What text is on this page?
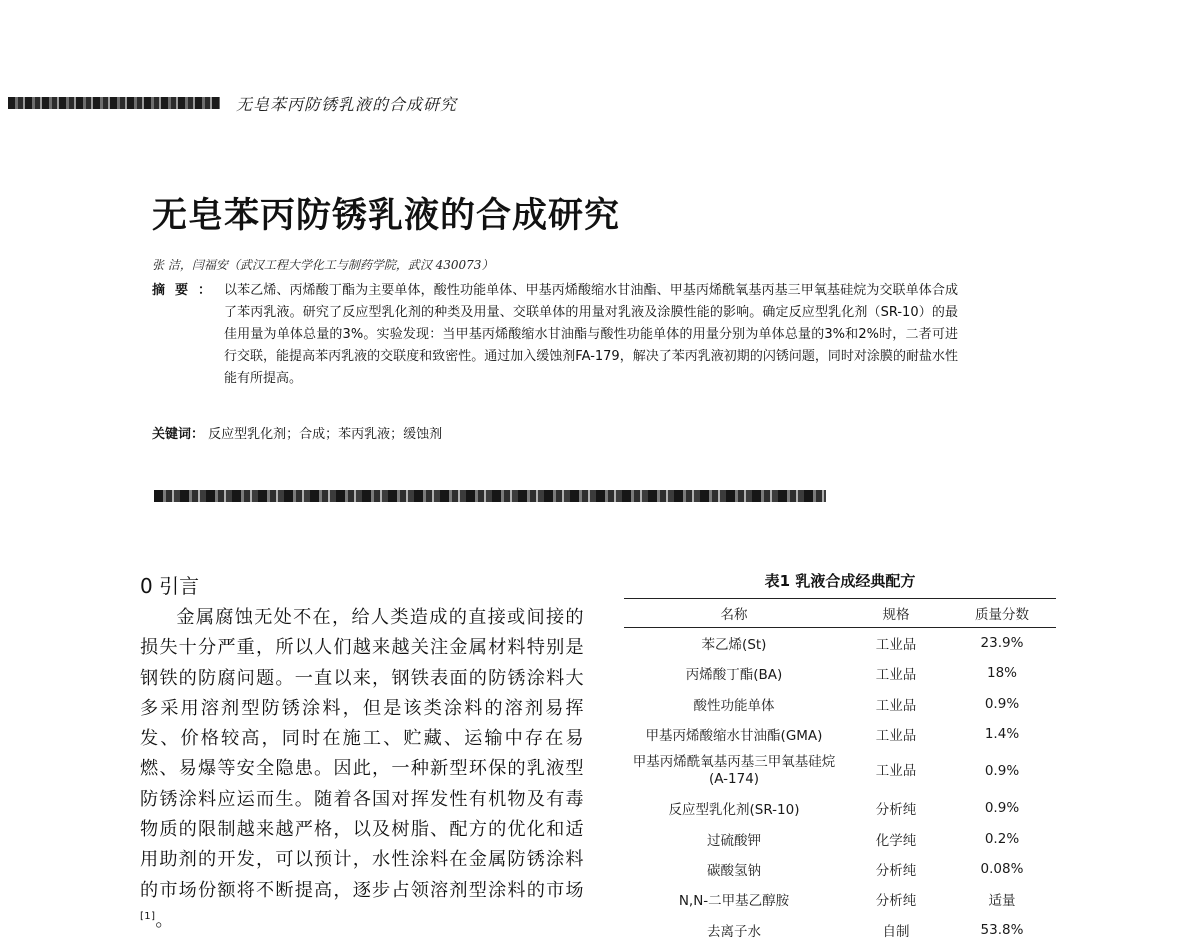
无皂苯丙防锈乳液的合成研究
无皂苯丙防锈乳液的合成研究
张 洁，闫福安（武汉工程大学化工与制药学院，武汉 430073）
摘要： 以苯乙烯、丙烯酸丁酯为主要单体，酸性功能单体、甲基丙烯酸缩水甘油酯、甲基丙烯酰氧基丙基三甲氧基硅烷为交联单体合成了苯丙乳液。研究了反应型乳化剂的种类及用量、交联单体的用量对乳液及涂膜性能的影响。确定反应型乳化剂（SR-10）的最佳用量为单体总量的3%。实验发现：当甲基丙烯酸缩水甘油酯与酸性功能单体的用量分别为单体总量的3%和2%时，二者可进行交联，能提高苯丙乳液的交联度和致密性。通过加入缓蚀剂FA-179，解决了苯丙乳液初期的闪锈问题，同时对涂膜的耐盐水性能有所提高。
关键词： 反应型乳化剂；合成；苯丙乳液；缓蚀剂
0 引言
金属腐蚀无处不在，给人类造成的直接或间接的损失十分严重，所以人们越来越关注金属材料特别是钢铁的防腐问题。一直以来，钢铁表面的防锈涂料大多采用溶剂型防锈涂料，但是该类涂料的溶剂易挥发、价格较高，同时在施工、贮藏、运输中存在易燃、易爆等安全隐患。因此，一种新型环保的乳液型防锈涂料应运而生。随着各国对挥发性有机物及有毒物质的限制越来越严格，以及树脂、配方的优化和适用助剂的开发，可以预计，水性涂料在金属防锈涂料的市场份额将不断提高，逐步占领溶剂型涂料的市场[1]。
表1 乳液合成经典配方
名称	规格	质量分数
苯乙烯(St)	工业品	23.9%
丙烯酸丁酯(BA)	工业品	18%
酸性功能单体	工业品	0.9%
甲基丙烯酸缩水甘油酯(GMA)	工业品	1.4%
甲基丙烯酰氧基丙基三甲氧基硅烷(A-174)	工业品	0.9%
反应型乳化剂(SR-10)	分析纯	0.9%
过硫酸钾	化学纯	0.2%
碳酸氢钠	分析纯	0.08%
N,N-二甲基乙醇胺	分析纯	适量
去离子水	自制	53.8%
